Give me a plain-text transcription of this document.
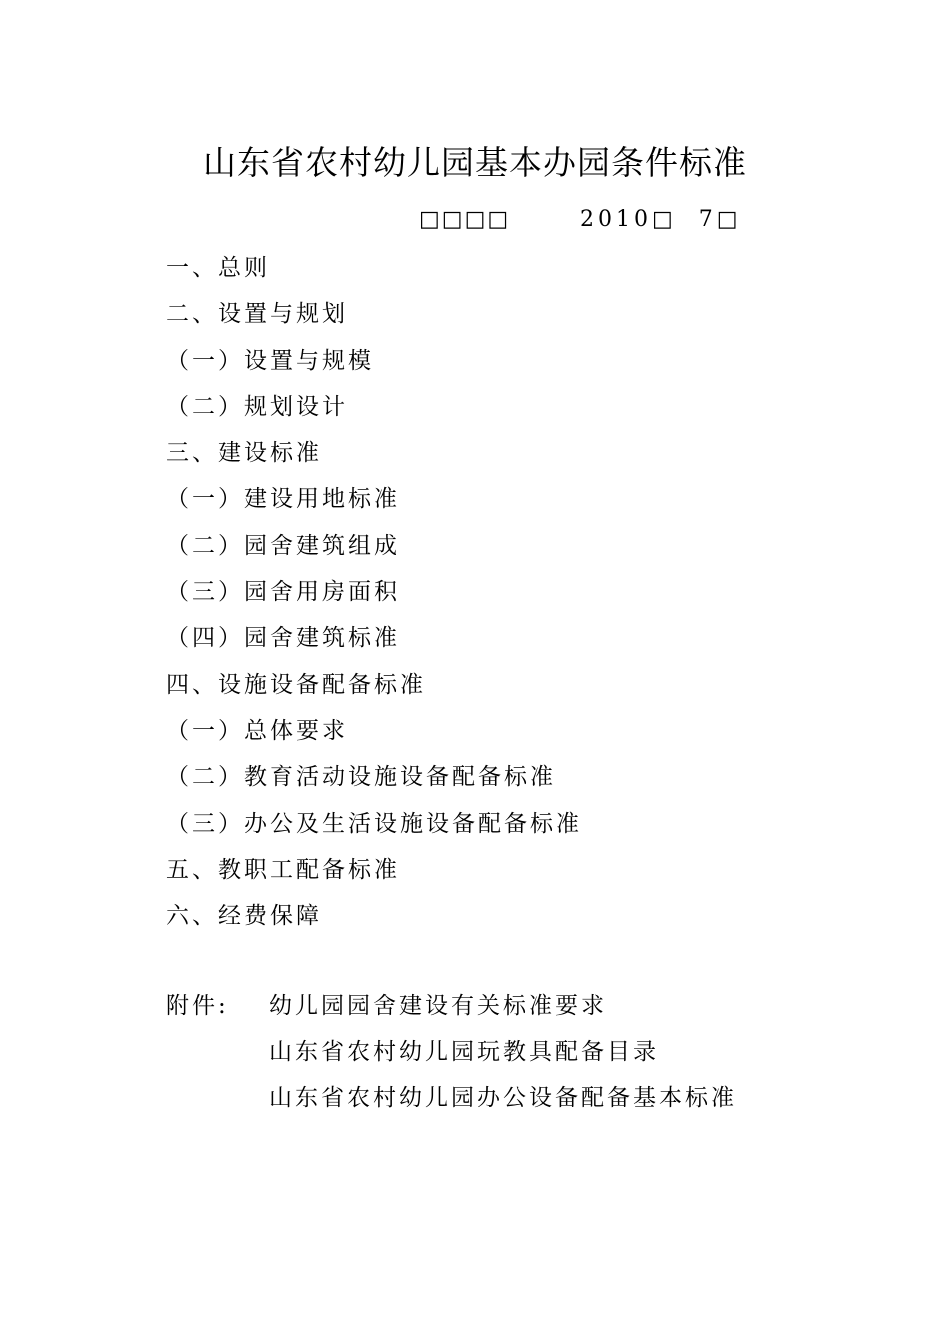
山东省农村幼儿园基本办园条件标准
□□□□	2010□  7□
一、总则
二、设置与规划
（一）设置与规模
（二）规划设计
三、建设标准
（一）建设用地标准
（二）园舍建筑组成
（三）园舍用房面积
（四）园舍建筑标准
四、设施设备配备标准
（一）总体要求
（二）教育活动设施设备配备标准
（三）办公及生活设施设备配备标准
五、教职工配备标准
六、经费保障
附件: 幼儿园园舍建设有关标准要求
山东省农村幼儿园玩教具配备目录
山东省农村幼儿园办公设备配备基本标准
